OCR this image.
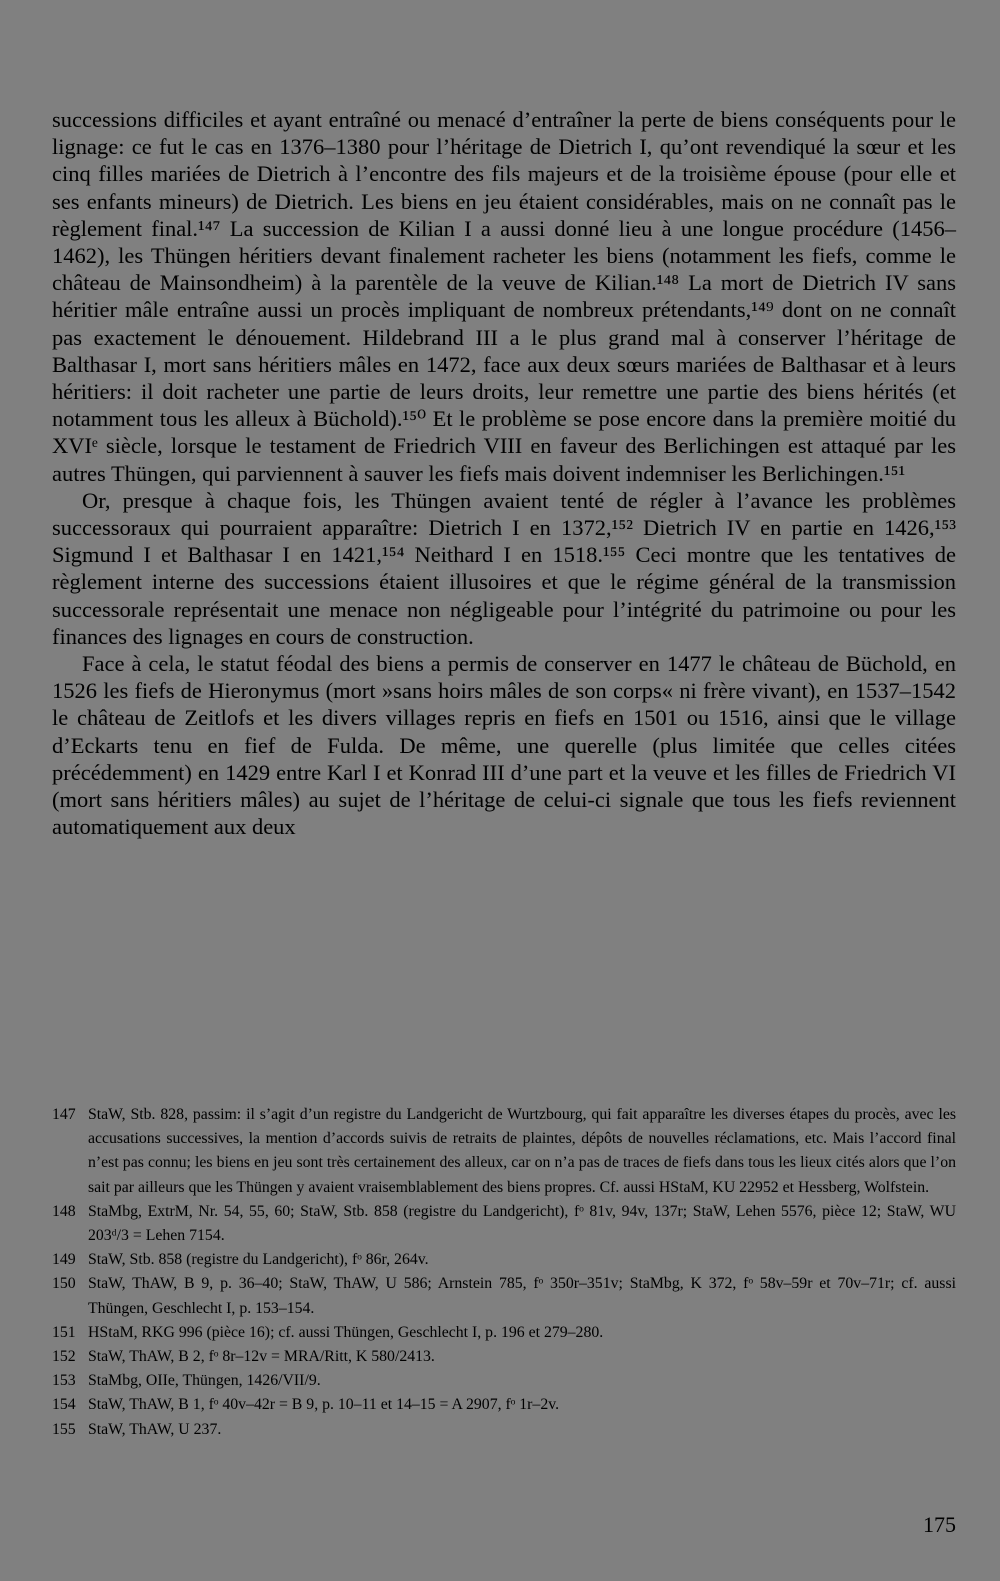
successions difficiles et ayant entraîné ou menacé d’entraîner la perte de biens conséquents pour le lignage: ce fut le cas en 1376–1380 pour l’héritage de Dietrich I, qu’ont revendiqué la sœur et les cinq filles mariées de Dietrich à l’encontre des fils majeurs et de la troisième épouse (pour elle et ses enfants mineurs) de Dietrich. Les biens en jeu étaient considérables, mais on ne connaît pas le règlement final.¹⁴⁷ La succession de Kilian I a aussi donné lieu à une longue procédure (1456–1462), les Thüngen héritiers devant finalement racheter les biens (notamment les fiefs, comme le château de Mainsondheim) à la parentèle de la veuve de Kilian.¹⁴⁸ La mort de Dietrich IV sans héritier mâle entraîne aussi un procès impliquant de nombreux prétendants,¹⁴⁹ dont on ne connaît pas exactement le dénouement. Hildebrand III a le plus grand mal à conserver l’héritage de Balthasar I, mort sans héritiers mâles en 1472, face aux deux sœurs mariées de Balthasar et à leurs héritiers: il doit racheter une partie de leurs droits, leur remettre une partie des biens hérités (et notamment tous les alleux à Büchold).¹⁵⁰ Et le problème se pose encore dans la première moitié du XVIᵉ siècle, lorsque le testament de Friedrich VIII en faveur des Berlichingen est attaqué par les autres Thüngen, qui parviennent à sauver les fiefs mais doivent indemniser les Berlichingen.¹⁵¹

Or, presque à chaque fois, les Thüngen avaient tenté de régler à l’avance les problèmes successoraux qui pourraient apparaître: Dietrich I en 1372,¹⁵² Dietrich IV en partie en 1426,¹⁵³ Sigmund I et Balthasar I en 1421,¹⁵⁴ Neithard I en 1518.¹⁵⁵ Ceci montre que les tentatives de règlement interne des successions étaient illusoires et que le régime général de la transmission successorale représentait une menace non négligeable pour l’intégrité du patrimoine ou pour les finances des lignages en cours de construction.

Face à cela, le statut féodal des biens a permis de conserver en 1477 le château de Büchold, en 1526 les fiefs de Hieronymus (mort »sans hoirs mâles de son corps« ni frère vivant), en 1537–1542 le château de Zeitlofs et les divers villages repris en fiefs en 1501 ou 1516, ainsi que le village d’Eckarts tenu en fief de Fulda. De même, une querelle (plus limitée que celles citées précédemment) en 1429 entre Karl I et Konrad III d’une part et la veuve et les filles de Friedrich VI (mort sans héritiers mâles) au sujet de l’héritage de celui-ci signale que tous les fiefs reviennent automatiquement aux deux

147 StaW, Stb. 828, passim: il s’agit d’un registre du Landgericht de Wurtzbourg, qui fait apparaître les diverses étapes du procès, avec les accusations successives, la mention d’accords suivis de retraits de plaintes, dépôts de nouvelles réclamations, etc. Mais l’accord final n’est pas connu; les biens en jeu sont très certainement des alleux, car on n’a pas de traces de fiefs dans tous les lieux cités alors que l’on sait par ailleurs que les Thüngen y avaient vraisemblablement des biens propres. Cf. aussi HStaM, KU 22952 et Hessberg, Wolfstein.

148 StaMbg, ExtrM, Nr. 54, 55, 60; StaW, Stb. 858 (registre du Landgericht), fᵒ 81v, 94v, 137r; StaW, Lehen 5576, pièce 12; StaW, WU 203ᵈ/3 = Lehen 7154.

149 StaW, Stb. 858 (registre du Landgericht), fᵒ 86r, 264v.

150 StaW, ThAW, B 9, p. 36–40; StaW, ThAW, U 586; Arnstein 785, fᵒ 350r–351v; StaMbg, K 372, fᵒ 58v–59r et 70v–71r; cf. aussi Thüngen, Geschlecht I, p. 153–154.

151 HStaM, RKG 996 (pièce 16); cf. aussi Thüngen, Geschlecht I, p. 196 et 279–280.

152 StaW, ThAW, B 2, fᵒ 8r–12v = MRA/Ritt, K 580/2413.

153 StaMbg, OIIe, Thüngen, 1426/VII/9.

154 StaW, ThAW, B 1, fᵒ 40v–42r = B 9, p. 10–11 et 14–15 = A 2907, fᵒ 1r–2v.

155 StaW, ThAW, U 237.

175
